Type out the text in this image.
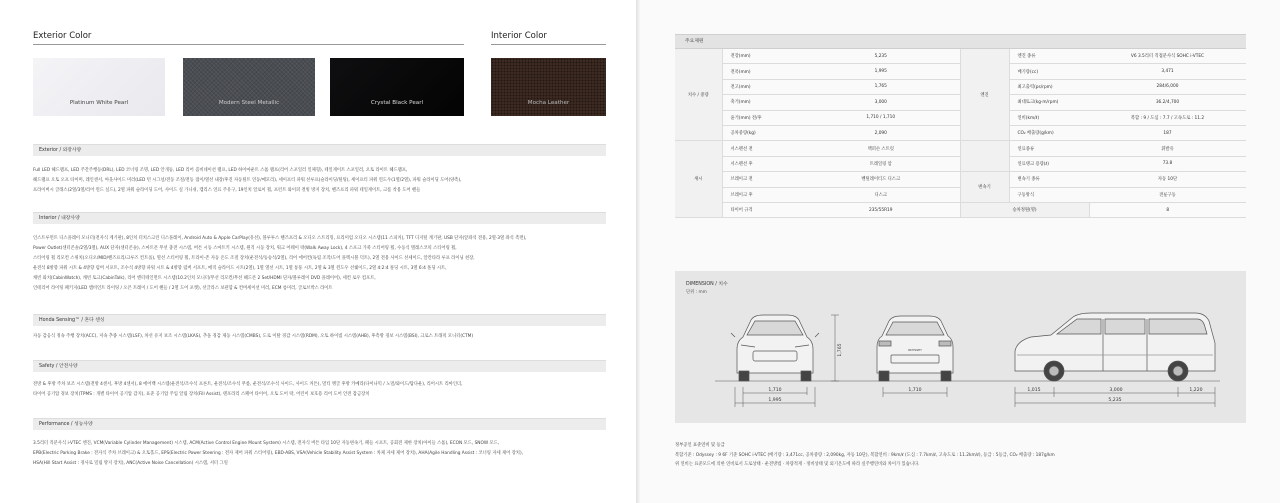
Exterior Color	Interior Color
Platinum White Pearl	Modern Steel Metallic	Crystal Black Pearl	Mocha Leather
Exterior / 외장사양
Full LED 헤드램프, LED 주간주행등(DRL), LED 코너링 조명, LED 안개등, LED 리어 콤비네이션 램프, LED 하이마운트 스톱 램프(리어 스포일러 일체형), 테일게이트 스포일러, 오토 라이트 헤드램프,
헤드램프 오토 오프 타이머, 레인센서, 아웃사이드 미러(LED 턴 시그널/전동 조절/전동 접이/열선 내장/후진 자동틸트 연동/메모리), 세이프티 파워 선루프(슬라이딩/틸팅), 세이프티 파워 윈도우(1열/2열), 파워 슬라이딩 도어(양측),
프라이버시 글래스(2열/3열/리어 윈드 실드), 2열 파워 슬라이딩 도어, 사이드 실 가니쉬, 캡리스 연료 주유구, 19인치 알로이 휠, 프런트 와이퍼 결빙 방지 장치, 핸즈프리 파워 테일게이트, 크롬 착용 도어 핸들
Interior / 내장사양
인스트루먼트 디스플레이 모니터(전자식 계기판), 8인치 터치스크린 디스플레이, Android Auto & Apple CarPlay(유선), 블루투스 핸즈프리 & 오디오 스트리밍, 프리미엄 오디오 시스템(11 스피커), TFT 디지털 계기판, USB 단자(앞좌석 전용, 2열·3열 좌석 측면),
Power Outlet(센터콘솔/2열/3열), AUX 단자(센터콘솔), 스마트폰 무선 충전 시스템, 버튼 시동 스마트키 시스템, 원격 시동 장치, 워크 어웨이 락(Walk Away Lock), 4 스포크 가죽 스티어링 휠, 수동식 텔레스코픽 스티어링 휠,
스티어링 휠 리모컨 스위치(오디오/MID/핸즈프리/크루즈 컨트롤), 열선 스티어링 휠, 트라이-존 자동 온도 조절 장치(운전석/동승석/2열), 리어 에어컨(독립 조작/도어 플렉시블 덕트), 2열 전용 사이드 선셰이드, 알칸타라 루프 라이닝 천장,
운전석 8방향 파워 시트 & 4방향 럼버 서포트, 조수석 4방향 파워 시트 & 4방향 럼버 서포트, 매직 슬라이드 시트(2열), 1열 열선 시트, 1열 통풍 시트, 2열 & 3열 윈도우 선쉐이드, 2열 4:2:4 폴딩 시트, 3열 6:4 폴딩 시트,
캐빈 와치(CabinWatch), 캐빈 토크(CabinTalk), 리어 엔터테인먼트 시스템(10.2인치 모니터/무선 리모컨/무선 헤드폰 2 Set/HDMI 단자/블루레이 DVD 플레이어), 세컨 로우 컴포트,
인테리어 라이팅 패키지(LED 앰비언트 라이팅 / 오픈 트레이 / 도어 핸들 / 2열 도어 포켓), 선글라스 보관함 & 컨버세이션 미러, ECM 룸미러, 글로브박스 라이트
Honda Sensing™ / 혼다 센싱
자동 감응식 정속 주행 장치(ACC), 저속 추종 시스템(LSF), 차선 유지 보조 시스템(LKAS), 추돌 경감 제동 시스템(CMBS), 도로 이탈 경감 시스템(RDM), 오토 하이빔 시스템(AHB), 후측방 경보 시스템(BSI), 크로스 트래픽 모니터(CTM)
Safety / 안전사양
전방 & 후방 주차 보조 시스템(전방 4센서, 후방 4센서), 8 에어백 시스템(운전석/조수석 프론트, 운전석/조수석 무릎, 운전석/조수석 사이드, 사이드 커튼), 멀티 앵글 후방 카메라(다이나믹 / 노멀/와이드/탑다운), 리어시트 리마인더,
타이어 공기압 경보 장치(TPMS : 개별 타이어 공기압 감지), 표준 공기압 주입 알림 장치(Fill Assist), 텐포라리 스페어 타이어, 오토 도어 락, 어린이 보호용 리어 도어 안전 잠금장치
Performance / 성능사양
3.5리터 직분사식 i-VTEC 엔진, VCM(Variable Cylinder Management) 시스템, ACM(Active Control Engine Mount System) 시스템, 전자식 버튼 타입 10단 자동변속기, 패들 시프트, 공회전 제한 장치(아이들 스톱), ECON 모드, SNOW 모드,
EPB(Electric Parking Brake : 전자식 주차 브레이크) & 오토홀드, EPS(Electric Power Steering : 전자 제어 파워 스티어링), EBD-ABS, VSA(Vehicle Stability Assist System : 차체 자세 제어 장치), AHA(Agile Handling Assist : 코너링 자세 제어 장치),
HSA(Hill Start Assist : 경사로 밀림 방지 장치), ANC(Active Noise Cancellation) 시스템, 셔터 그릴
주요제원
치수 / 중량	전장(mm)	5,235	엔진	엔진 종류	V6 3.5리터 직접분사식 SOHC i-VTEC
	전폭(mm)	1,995		배기량(cc)	3,471
	전고(mm)	1,765		최고출력(ps/rpm)	284/6,000
	축거(mm)	3,000		최대토크(kg·m/rpm)	36.2/4,700
	윤거(mm) 전/후	1,710 / 1,710		연비(km/ℓ)	복합 : 9 / 도심 : 7.7 / 고속도로 : 11.2
	공차중량(kg)	2,090		CO₂ 배출량(g/km)	187
섀시	서스펜션 전	맥퍼슨 스트럿		연료종류	휘발유
	서스펜션 후	트레일링 암		연료탱크 용량(ℓ)	73.8
	브레이크 전	벤틸레이티드 디스크	변속기	변속기 종류	자동 10단
	브레이크 후	디스크		구동방식	전륜구동
	타이어 규격	235/55R19	승차정원(명)		8
DIMENSION / 치수
단위 : mm
ODYSSEY
1,765
1,710
1,995
1,710	1,015	3,000	1,220
5,235
정부공인 표준연비 및 등급
복합기준 : Odyssey : 9 6F 기준 SOHC i-VTEC (배기량 : 3,471cc, 공차중량 : 2,090kg, 자동 10단), 복합연비 : 9km/ℓ (도심 : 7.7km/ℓ, 고속도로 : 11.2km/ℓ), 등급 : 5등급, CO₂ 배출량 : 187g/km
위 연비는 표준모드에 의한 연비로서 도로상태 · 운전방법 · 차량적재 · 정비상태 및 외기온도에 따라 실주행연비와 차이가 있습니다.
